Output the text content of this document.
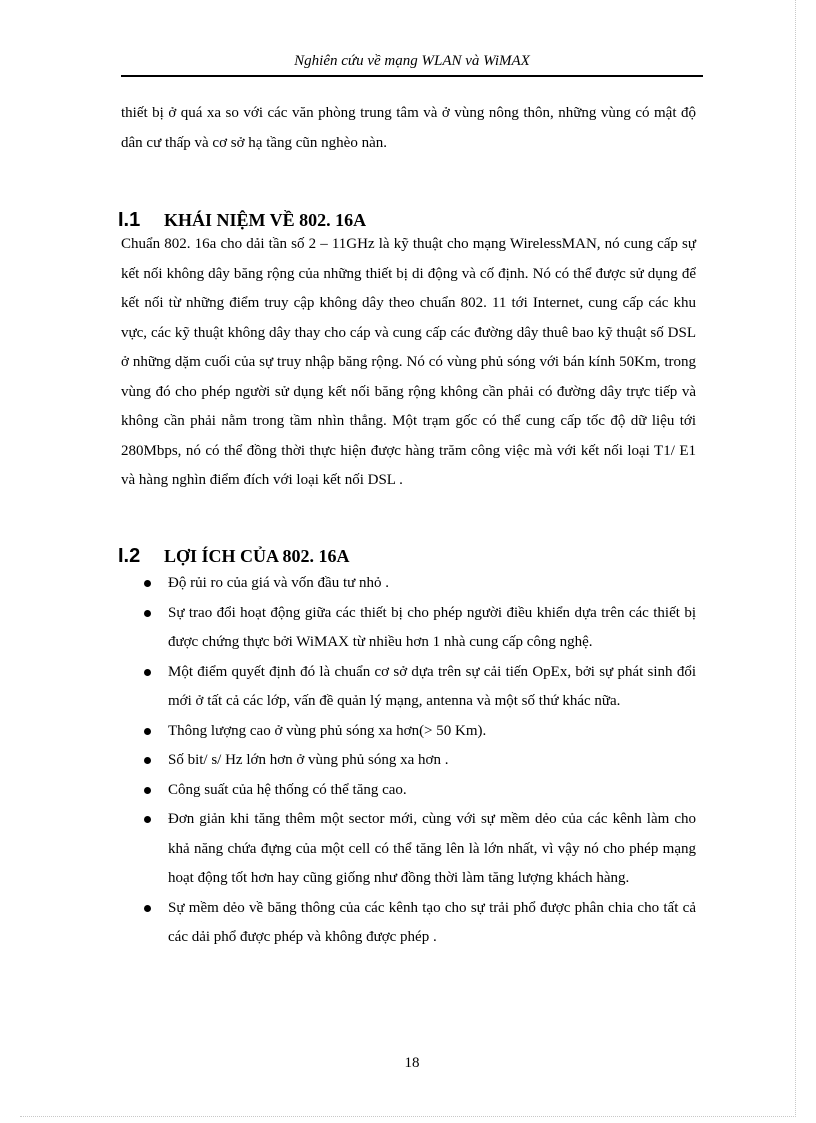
Nghiên cứu về mạng WLAN và WiMAX

thiết bị ở quá xa so với các văn phòng trung tâm và ở vùng nông thôn, những vùng có mật độ dân cư thấp và cơ sở hạ tầng cũn nghèo nàn.

I.1 KHÁI NIỆM VỀ 802. 16A

Chuẩn 802. 16a cho dải tần số 2 – 11GHz là kỹ thuật cho mạng WirelessMAN, nó cung cấp sự kết nối không dây băng rộng của những thiết bị di động và cố định. Nó có thể được sử dụng để kết nối từ những điểm truy cập không dây theo chuẩn 802. 11 tới Internet, cung cấp các khu vực, các kỹ thuật không dây thay cho cáp và cung cấp các đường dây thuê bao kỹ thuật số DSL ở những dặm cuối của sự truy nhập băng rộng. Nó có vùng phủ sóng với bán kính 50Km, trong vùng đó cho phép người sử dụng kết nối băng rộng không cần phải có đường dây trực tiếp và không cần phải nằm trong tầm nhìn thẳng. Một trạm gốc có thể cung cấp tốc độ dữ liệu tới 280Mbps, nó có thể đồng thời thực hiện được hàng trăm công việc mà với kết nối loại T1/ E1 và hàng nghìn điểm đích với loại kết nối DSL .

I.2 LỢI ÍCH CỦA 802. 16A
Độ rủi ro của giá và vốn đầu tư nhỏ .
Sự trao đổi hoạt động giữa các thiết bị cho phép người điều khiển dựa trên các thiết bị được chứng thực bởi WiMAX từ nhiều hơn 1 nhà cung cấp công nghệ.
Một điểm quyết định đó là chuẩn cơ sở dựa trên sự cải tiến OpEx, bởi sự phát sinh đổi mới ở tất cả các lớp, vấn đề quản lý mạng, antenna và một số thứ khác nữa.
Thông lượng cao ở vùng phủ sóng xa hơn(> 50 Km).
Số bit/ s/ Hz lớn hơn ở vùng phủ sóng xa hơn .
Công suất của hệ thống có thể tăng cao.
Đơn giản khi tăng thêm một sector mới, cùng với sự mềm dẻo của các kênh làm cho khả năng chứa đựng của một cell có thể tăng lên là lớn nhất, vì vậy nó cho phép mạng hoạt động tốt hơn hay cũng giống như đồng thời làm tăng lượng khách hàng.
Sự mềm dẻo về băng thông của các kênh tạo cho sự trải phổ được phân chia cho tất cả các dải phổ được phép và không được phép .
18
